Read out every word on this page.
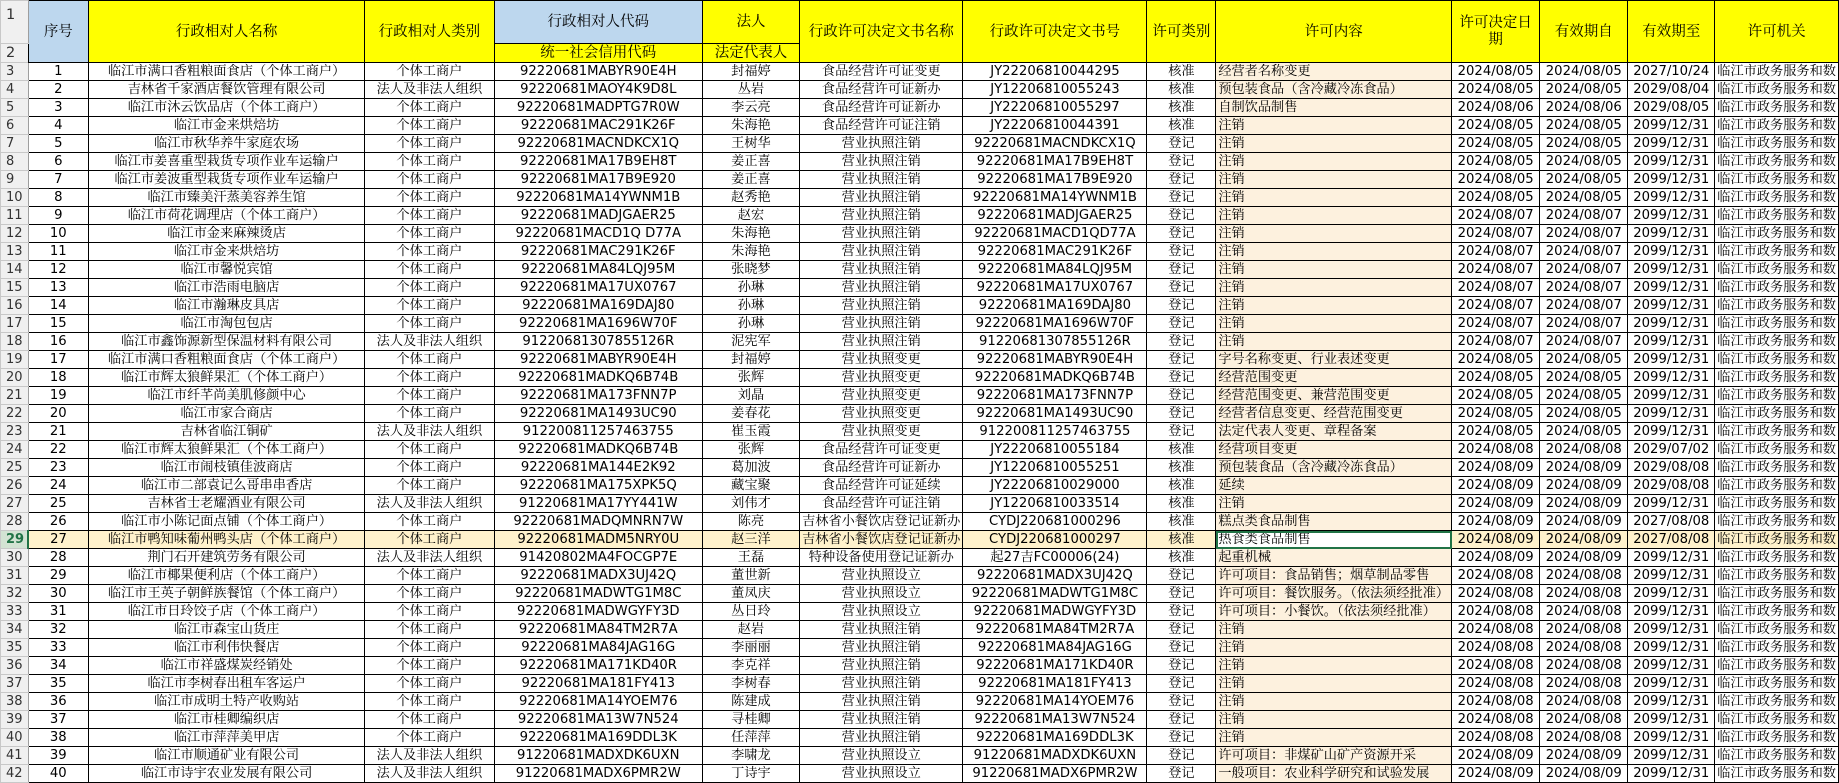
1	序号	行政相对人名称	行政相对人类别	行政相对人代码	法人	行政许可决定文书名称	行政许可决定文书号	许可类别	许可内容	许可决定日期	有效期自	有效期至	许可机关
2				统一社会信用代码	法定代表人								
3	1	临江市满口香粗粮面食店（个体工商户）	个体工商户	92220681MABYR90E4H	封福婷	食品经营许可证变更	JY22206810044295	核准	经营者名称变更	2024/08/05	2024/08/05	2027/10/24	临江市政务服务和数
4	2	吉林省千家酒店餐饮管理有限公司	法人及非法人组织	92220681MAOY4K9D8L	丛岩	食品经营许可证新办	JY12206810055243	核准	预包装食品（含冷藏冷冻食品）	2024/08/05	2024/08/05	2029/08/04	临江市政务服务和数
5	3	临江市沐云饮品店（个体工商户）	个体工商户	92220681MADPTG7R0W	李云亮	食品经营许可证新办	JY22206810055297	核准	自制饮品制售	2024/08/06	2024/08/06	2029/08/05	临江市政务服务和数
6	4	临江市金来烘焙坊	个体工商户	92220681MAC291K26F	朱海艳	食品经营许可证注销	JY22206810044391	核准	注销	2024/08/05	2024/08/05	2099/12/31	临江市政务服务和数
7	5	临江市秋华养牛家庭农场	个体工商户	92220681MACNDKCX1Q	王树华	营业执照注销	92220681MACNDKCX1Q	登记	注销	2024/08/05	2024/08/05	2099/12/31	临江市政务服务和数
8	6	临江市姜喜重型栽货专项作业车运输户	个体工商户	92220681MA17B9EH8T	姜正喜	营业执照注销	92220681MA17B9EH8T	登记	注销	2024/08/05	2024/08/05	2099/12/31	临江市政务服务和数
9	7	临江市姜波重型栽货专项作业车运输户	个体工商户	92220681MA17B9E920	姜正喜	营业执照注销	92220681MA17B9E920	登记	注销	2024/08/05	2024/08/05	2099/12/31	临江市政务服务和数
10	8	临江市臻美汗蒸美容养生馆	个体工商户	92220681MA14YWNM1B	赵秀艳	营业执照注销	92220681MA14YWNM1B	登记	注销	2024/08/05	2024/08/05	2099/12/31	临江市政务服务和数
11	9	临江市荷花调理店（个体工商户）	个体工商户	92220681MADJGAER25	赵宏	营业执照注销	92220681MADJGAER25	登记	注销	2024/08/07	2024/08/07	2099/12/31	临江市政务服务和数
12	10	临江市金来麻辣烫店	个体工商户	92220681MACD1Q D77A	朱海艳	营业执照注销	92220681MACD1QD77A	登记	注销	2024/08/07	2024/08/07	2099/12/31	临江市政务服务和数
13	11	临江市金来烘焙坊	个体工商户	92220681MAC291K26F	朱海艳	营业执照注销	92220681MAC291K26F	登记	注销	2024/08/07	2024/08/07	2099/12/31	临江市政务服务和数
14	12	临江市馨悦宾馆	个体工商户	92220681MA84LQJ95M	张晓梦	营业执照注销	92220681MA84LQJ95M	登记	注销	2024/08/07	2024/08/07	2099/12/31	临江市政务服务和数
15	13	临江市浩雨电脑店	个体工商户	92220681MA17UX0767	孙琳	营业执照注销	92220681MA17UX0767	登记	注销	2024/08/07	2024/08/07	2099/12/31	临江市政务服务和数
16	14	临江市瀚琳皮具店	个体工商户	92220681MA169DAJ80	孙琳	营业执照注销	92220681MA169DAJ80	登记	注销	2024/08/07	2024/08/07	2099/12/31	临江市政务服务和数
17	15	临江市淘包包店	个体工商户	92220681MA1696W70F	孙琳	营业执照注销	92220681MA1696W70F	登记	注销	2024/08/07	2024/08/07	2099/12/31	临江市政务服务和数
18	16	临江市鑫饰源新型保温材料有限公司	法人及非法人组织	91220681307855126R	泥宪军	营业执照注销	91220681307855126R	登记	注销	2024/08/07	2024/08/07	2099/12/31	临江市政务服务和数
19	17	临江市满口香粗粮面食店（个体工商户）	个体工商户	92220681MABYR90E4H	封福婷	营业执照变更	92220681MABYR90E4H	登记	字号名称变更、行业表述变更	2024/08/05	2024/08/05	2099/12/31	临江市政务服务和数
20	18	临江市辉太狼鲜果汇（个体工商户）	个体工商户	92220681MADKQ6B74B	张辉	营业执照变更	92220681MADKQ6B74B	登记	经营范围变更	2024/08/05	2024/08/05	2099/12/31	临江市政务服务和数
21	19	临江市纤芊尚美肌修颜中心	个体工商户	92220681MA173FNN7P	刘晶	营业执照变更	92220681MA173FNN7P	登记	经营范围变更、兼营范围变更	2024/08/05	2024/08/05	2099/12/31	临江市政务服务和数
22	20	临江市家合商店	个体工商户	92220681MA1493UC90	姜春花	营业执照变更	92220681MA1493UC90	登记	经营者信息变更、经营范围变更	2024/08/05	2024/08/05	2099/12/31	临江市政务服务和数
23	21	吉林省临江铜矿	法人及非法人组织	912200811257463755	崔玉霞	营业执照变更	912200811257463755	登记	法定代表人变更、章程备案	2024/08/05	2024/08/05	2099/12/31	临江市政务服务和数
24	22	临江市辉太狼鲜果汇（个体工商户）	个体工商户	92220681MADKQ6B74B	张辉	食品经营许可证变更	JY22206810055184	核准	经营项目变更	2024/08/08	2024/08/08	2029/07/02	临江市政务服务和数
25	23	临江市闹枝镇佳波商店	个体工商户	92220681MA144E2K92	葛加波	食品经营许可证新办	JY12206810055251	核准	预包装食品（含冷藏冷冻食品）	2024/08/09	2024/08/09	2029/08/08	临江市政务服务和数
26	24	临江市二部袁记么哥串串香店	个体工商户	92220681MA175XPK5Q	藏宝聚	食品经营许可证延续	JY22206810029000	核准	延续	2024/08/09	2024/08/09	2029/08/08	临江市政务服务和数
27	25	吉林省士老耀酒业有限公司	法人及非法人组织	91220681MA17YY441W	刘伟才	食品经营许可证注销	JY12206810033514	核准	注销	2024/08/09	2024/08/09	2099/12/31	临江市政务服务和数
28	26	临江市小陈记面点铺（个体工商户）	个体工商户	92220681MADQMNRN7W	陈亮	吉林省小餐饮店登记证新办	CYDJ220681000296	核准	糕点类食品制售	2024/08/09	2024/08/09	2027/08/08	临江市政务服务和数
29	27	临江市鸭知味葡州鸭头店（个体工商户）	个体工商户	92220681MADM5NRY0U	赵三洋	吉林省小餐饮店登记证新办	CYDJ220681000297	核准	热食类食品制售	2024/08/09	2024/08/09	2027/08/08	临江市政务服务和数
30	28	荆门石开建筑劳务有限公司	法人及非法人组织	91420802MA4FOCGP7E	王磊	特种设备使用登记证新办	起27吉FC00006(24)	核准	起重机械	2024/08/09	2024/08/09	2099/12/31	临江市政务服务和数
31	29	临江市椰果便利店（个体工商户）	个体工商户	92220681MADX3UJ42Q	董世新	营业执照设立	92220681MADX3UJ42Q	登记	许可项目：食品销售；烟草制品零售	2024/08/08	2024/08/08	2099/12/31	临江市政务服务和数
32	30	临江市王英子朝鲜族餐馆（个体工商户）	个体工商户	92220681MADWTG1M8C	董凤庆	营业执照设立	92220681MADWTG1M8C	登记	许可项目：餐饮服务。（依法须经批准）	2024/08/08	2024/08/08	2099/12/31	临江市政务服务和数
33	31	临江市日玲饺子店（个体工商户）	个体工商户	92220681MADWGYFY3D	丛日玲	营业执照设立	92220681MADWGYFY3D	登记	许可项目：小餐饮。（依法须经批准）	2024/08/08	2024/08/08	2099/12/31	临江市政务服务和数
34	32	临江市森宝山货庄	个体工商户	92220681MA84TM2R7A	赵岩	营业执照注销	92220681MA84TM2R7A	登记	注销	2024/08/08	2024/08/08	2099/12/31	临江市政务服务和数
35	33	临江市利伟快餐店	个体工商户	92220681MA84JAG16G	李丽丽	营业执照注销	92220681MA84JAG16G	登记	注销	2024/08/08	2024/08/08	2099/12/31	临江市政务服务和数
36	34	临江市祥盛煤炭经销处	个体工商户	92220681MA171KD40R	李克祥	营业执照注销	92220681MA171KD40R	登记	注销	2024/08/08	2024/08/08	2099/12/31	临江市政务服务和数
37	35	临江市李树春出租车客运户	个体工商户	92220681MA181FY413	李树春	营业执照注销	92220681MA181FY413	登记	注销	2024/08/08	2024/08/08	2099/12/31	临江市政务服务和数
38	36	临江市成明土特产收购站	个体工商户	92220681MA14YOEM76	陈建成	营业执照注销	92220681MA14YOEM76	登记	注销	2024/08/08	2024/08/08	2099/12/31	临江市政务服务和数
39	37	临江市桂卿编织店	个体工商户	92220681MA13W7N524	寻桂卿	营业执照注销	92220681MA13W7N524	登记	注销	2024/08/08	2024/08/08	2099/12/31	临江市政务服务和数
40	38	临江市萍萍美甲店	个体工商户	92220681MA169DDL3K	任萍萍	营业执照注销	92220681MA169DDL3K	登记	注销	2024/08/08	2024/08/08	2099/12/31	临江市政务服务和数
41	39	临江市顺通矿业有限公司	法人及非法人组织	91220681MADXDK6UXN	李啸龙	营业执照设立	91220681MADXDK6UXN	登记	许可项目：非煤矿山矿产资源开采	2024/08/09	2024/08/09	2099/12/31	临江市政务服务和数
42	40	临江市诗宇农业发展有限公司	法人及非法人组织	91220681MADX6PMR2W	丁诗宇	营业执照设立	91220681MADX6PMR2W	登记	一般项目：农业科学研究和试验发展	2024/08/09	2024/08/09	2099/12/31	临江市政务服务和数
